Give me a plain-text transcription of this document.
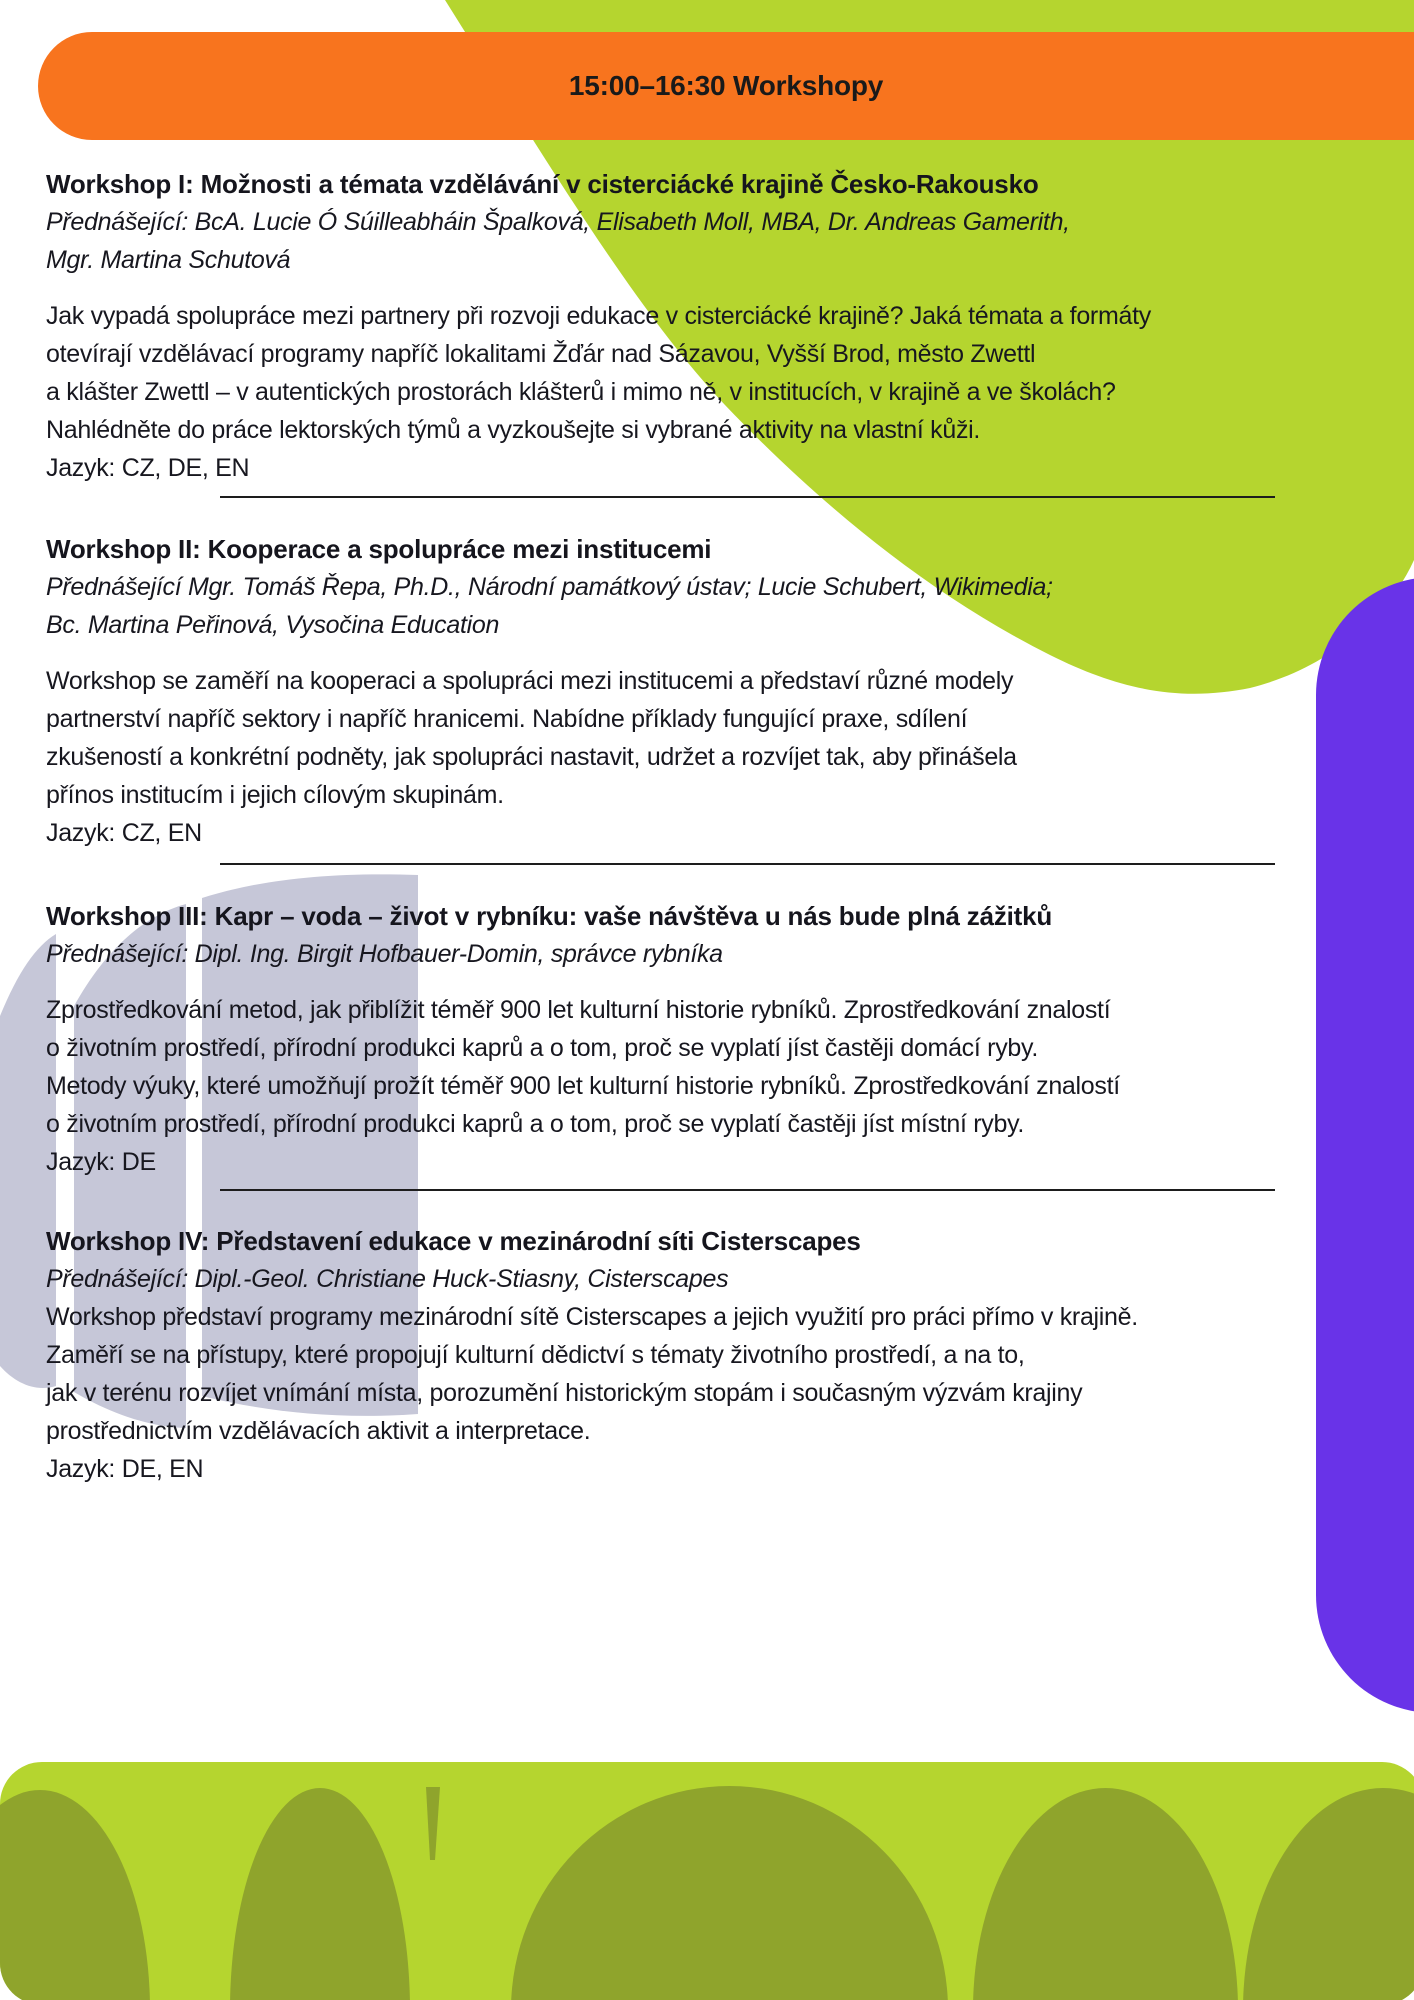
15:00–16:30 Workshopy
Workshop I: Možnosti a témata vzdělávání v cisterciácké krajině Česko-Rakousko
Přednášející: BcA. Lucie Ó Súilleabháin Špalková, Elisabeth Moll, MBA, Dr. Andreas Gamerith,
Mgr. Martina Schutová
Jak vypadá spolupráce mezi partnery při rozvoji edukace v cisterciácké krajině? Jaká témata a formáty
otevírají vzdělávací programy napříč lokalitami Žďár nad Sázavou, Vyšší Brod, město Zwettl
a klášter Zwettl – v autentických prostorách klášterů i mimo ně, v institucích, v krajině a ve školách?
Nahlédněte do práce lektorských týmů a vyzkoušejte si vybrané aktivity na vlastní kůži.
Jazyk: CZ, DE, EN
Workshop II: Kooperace a spolupráce mezi institucemi
Přednášející Mgr. Tomáš Řepa, Ph.D., Národní památkový ústav; Lucie Schubert, Wikimedia;
Bc. Martina Peřinová, Vysočina Education
Workshop se zaměří na kooperaci a spolupráci mezi institucemi a představí různé modely
partnerství napříč sektory i napříč hranicemi. Nabídne příklady fungující praxe, sdílení
zkušeností a konkrétní podněty, jak spolupráci nastavit, udržet a rozvíjet tak, aby přinášela
přínos institucím i jejich cílovým skupinám.
Jazyk: CZ, EN
Workshop III: Kapr – voda – život v rybníku: vaše návštěva u nás bude plná zážitků
Přednášející: Dipl. Ing. Birgit Hofbauer-Domin, správce rybníka
Zprostředkování metod, jak přiblížit téměř 900 let kulturní historie rybníků. Zprostředkování znalostí
o životním prostředí, přírodní produkci kaprů a o tom, proč se vyplatí jíst častěji domácí ryby.
Metody výuky, které umožňují prožít téměř 900 let kulturní historie rybníků. Zprostředkování znalostí
o životním prostředí, přírodní produkci kaprů a o tom, proč se vyplatí častěji jíst místní ryby.
Jazyk: DE
Workshop IV: Představení edukace v mezinárodní síti Cisterscapes
Přednášející: Dipl.-Geol. Christiane Huck-Stiasny, Cisterscapes
Workshop představí programy mezinárodní sítě Cisterscapes a jejich využití pro práci přímo v krajině.
Zaměří se na přístupy, které propojují kulturní dědictví s tématy životního prostředí, a na to,
jak v terénu rozvíjet vnímání místa, porozumění historickým stopám i současným výzvám krajiny
prostřednictvím vzdělávacích aktivit a interpretace.
Jazyk: DE, EN
